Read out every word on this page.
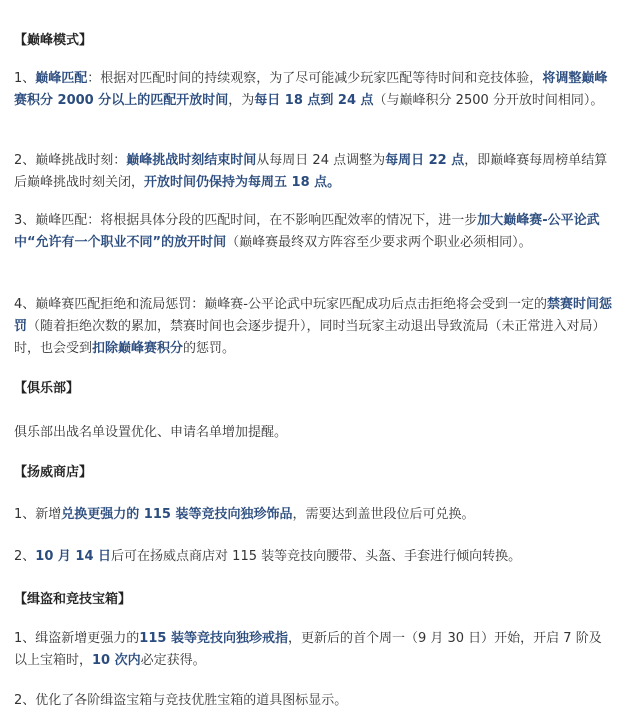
【巅峰模式】

1、巅峰匹配：根据对匹配时间的持续观察，为了尽可能减少玩家匹配等待时间和竞技体验，将调整巅峰赛积分 2000 分以上的匹配开放时间，为每日 18 点到 24 点（与巅峰积分 2500 分开放时间相同）。

2、巅峰挑战时刻：巅峰挑战时刻结束时间从每周日 24 点调整为每周日 22 点，即巅峰赛每周榜单结算后巅峰挑战时刻关闭，开放时间仍保持为每周五 18 点。

3、巅峰匹配：将根据具体分段的匹配时间，在不影响匹配效率的情况下，进一步加大巅峰赛-公平论武中“允许有一个职业不同”的放开时间（巅峰赛最终双方阵容至少要求两个职业必须相同）。

4、巅峰赛匹配拒绝和流局惩罚：巅峰赛-公平论武中玩家匹配成功后点击拒绝将会受到一定的禁赛时间惩罚（随着拒绝次数的累加，禁赛时间也会逐步提升），同时当玩家主动退出导致流局（未正常进入对局）时，也会受到扣除巅峰赛积分的惩罚。

【俱乐部】

俱乐部出战名单设置优化、申请名单增加提醒。

【扬威商店】

1、新增兑换更强力的 115 装等竞技向独珍饰品，需要达到盖世段位后可兑换。

2、10 月 14 日后可在扬威点商店对 115 装等竞技向腰带、头盔、手套进行倾向转换。

【缉盗和竞技宝箱】

1、缉盗新增更强力的115 装等竞技向独珍戒指，更新后的首个周一（9 月 30 日）开始，开启 7 阶及以上宝箱时，10 次内必定获得。

2、优化了各阶缉盗宝箱与竞技优胜宝箱的道具图标显示。
